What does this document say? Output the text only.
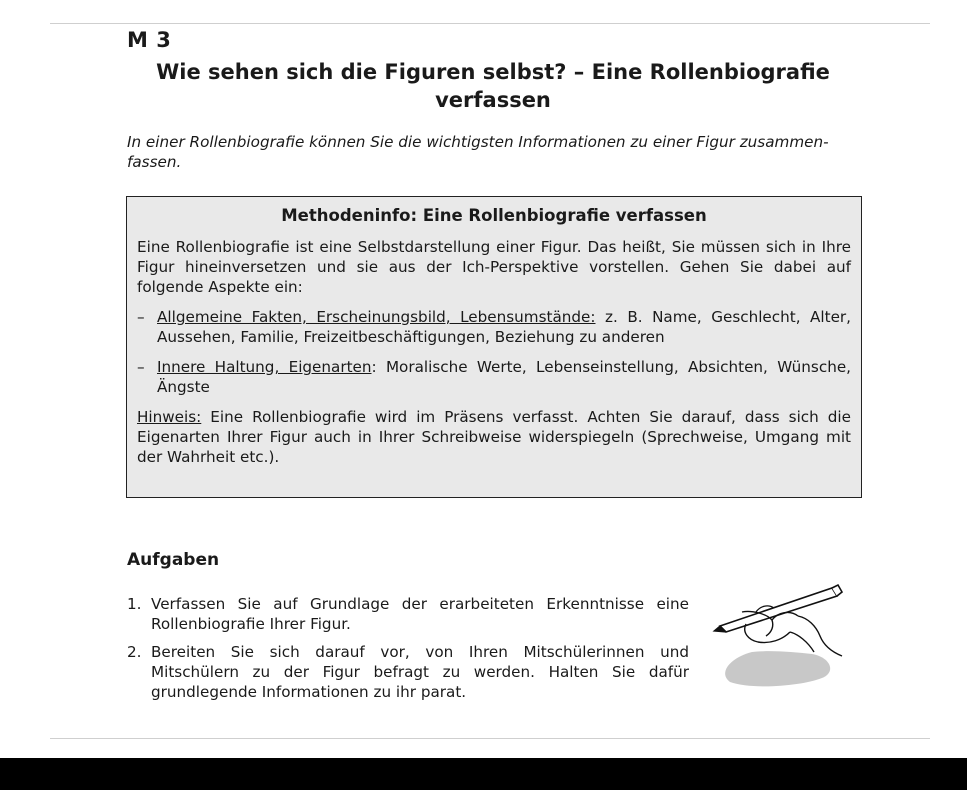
M 3
Wie sehen sich die Figuren selbst? – Eine Rollenbiografie verfassen
In einer Rollenbiografie können Sie die wichtigsten Informationen zu einer Figur zusammen-fassen.
Methodeninfo: Eine Rollenbiografie verfassen

Eine Rollenbiografie ist eine Selbstdarstellung einer Figur. Das heißt, Sie müssen sich in Ihre Figur hineinversetzen und sie aus der Ich-Perspektive vorstellen. Gehen Sie dabei auf folgende Aspekte ein:

– Allgemeine Fakten, Erscheinungsbild, Lebensumstände: z. B. Name, Geschlecht, Alter, Aussehen, Familie, Freizeitbeschäftigungen, Beziehung zu anderen
– Innere Haltung, Eigenarten: Moralische Werte, Lebenseinstellung, Absichten, Wünsche, Ängste

Hinweis: Eine Rollenbiografie wird im Präsens verfasst. Achten Sie darauf, dass sich die Eigenarten Ihrer Figur auch in Ihrer Schreibweise widerspiegeln (Sprechweise, Umgang mit der Wahrheit etc.).

Aufgaben
1. Verfassen Sie auf Grundlage der erarbeiteten Erkenntnisse eine Rollenbiografie Ihrer Figur.
2. Bereiten Sie sich darauf vor, von Ihren Mitschülerinnen und Mitschülern zu der Figur befragt zu werden. Halten Sie dafür grundlegende Informationen zu ihr parat.
